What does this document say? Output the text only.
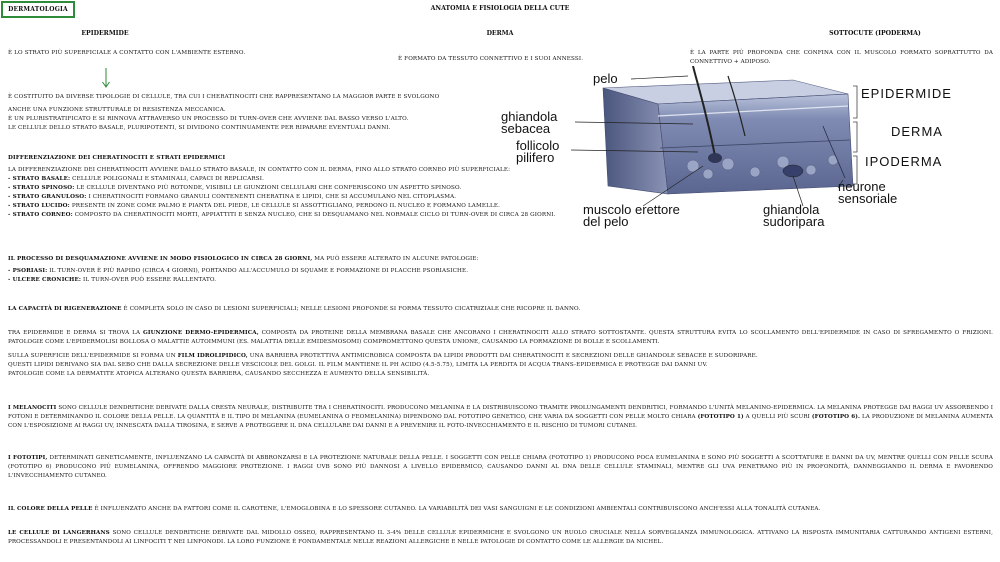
DERMATOLOGIA	ANATOMIA E FISIOLOGIA DELLA CUTE
EPIDERMIDE	DERMA	SOTTOCUTE (IPODERMA)
È LO STRATO PIÙ SUPERFICIALE A CONTATTO CON L'AMBIENTE ESTERNO.
È FORMATO DA TESSUTO CONNETTIVO E I SUOI ANNESSI.
È LA PARTE PIÙ PROFONDA CHE CONFINA CON IL MUSCOLO FORMATO SOPRATTUTTO DA CONNETTIVO + ADIPOSO.

È COSTITUITO DA DIVERSE TIPOLOGIE DI CELLULE, TRA CUI I CHERATINOCITI CHE RAPPRESENTANO LA MAGGIOR PARTE E SVOLGONO

ANCHE UNA FUNZIONE STRUTTURALE DI RESISTENZA MECCANICA.

È UN PLURISTRATIFICATO E SI RINNOVA ATTRAVERSO UN PROCESSO DI TURN-OVER CHE AVVIENE DAL BASSO VERSO L'ALTO.

LE CELLULE DELLO STRATO BASALE, PLURIPOTENTI, SI DIVIDONO CONTINUAMENTE PER RIPARARE EVENTUALI DANNI.

DIFFERENZIAZIONE DEI CHERATINOCITI E STRATI EPIDERMICI

LA DIFFERENZIAZIONE DEI CHERATINOCITI AVVIENE DALLO STRATO BASALE, IN CONTATTO CON IL DERMA, FINO ALLO STRATO CORNEO PIÙ SUPERFICIALE:

- STRATO BASALE: CELLULE POLIGONALI E STAMINALI, CAPACI DI REPLICARSI.

- STRATO SPINOSO: LE CELLULE DIVENTANO PIÙ ROTONDE, VISIBILI LE GIUNZIONI CELLULARI CHE CONFERISCONO UN ASPETTO SPINOSO.

- STRATO GRANULOSO: I CHERATINOCITI FORMANO GRANULI CONTENENTI CHERATINA E LIPIDI, CHE SI ACCUMULANO NEL CITOPLASMA.

- STRATO LUCIDO: PRESENTE IN ZONE COME PALMO E PIANTA DEL PIEDE, LE CELLULE SI ASSOTTIGLIANO, PERDONO IL NUCLEO E FORMANO LAMELLE.

- STRATO CORNEO: COMPOSTO DA CHERATINOCITI MORTI, APPIATTITI E SENZA NUCLEO, CHE SI DESQUAMANO NEL NORMALE CICLO DI TURN-OVER DI CIRCA 28 GIORNI.

IL PROCESSO DI DESQUAMAZIONE AVVIENE IN MODO FISIOLOGICO IN CIRCA 28 GIORNI, MA PUÒ ESSERE ALTERATO IN ALCUNE PATOLOGIE:

- PSORIASI: IL TURN-OVER È PIÙ RAPIDO (CIRCA 4 GIORNI), PORTANDO ALL'ACCUMULO DI SQUAME E FORMAZIONE DI PLACCHE PSORIASICHE.

- ULCERE CRONICHE: IL TURN-OVER PUÒ ESSERE RALLENTATO.

LA CAPACITÀ DI RIGENERAZIONE È COMPLETA SOLO IN CASO DI LESIONI SUPERFICIALI; NELLE LESIONI PROFONDE SI FORMA TESSUTO CICATRIZIALE CHE RICOPRE IL DANNO.
TRA EPIDERMIDE E DERMA SI TROVA LA GIUNZIONE DERMO-EPIDERMICA, COMPOSTA DA PROTEINE DELLA MEMBRANA BASALE CHE ANCORANO I CHERATINOCITI ALLO STRATO SOTTOSTANTE. QUESTA STRUTTURA EVITA LO SCOLLAMENTO DELL'EPIDERMIDE IN CASO DI SFREGAMENTO O FRIZIONI. PATOLOGIE COME L'EPIDERMOLISI BOLLOSA O MALATTIE AUTOIMMUNI (ES. MALATTIA DELLE EMIDESMOSOMI) COMPROMETTONO QUESTA UNIONE, CAUSANDO LA FORMAZIONE DI BOLLE E SCOLLAMENTI.

SULLA SUPERFICIE DELL'EPIDERMIDE SI FORMA UN FILM IDROLIPIDICO, UNA BARRIERA PROTETTIVA ANTIMICROBICA COMPOSTA DA LIPIDI PRODOTTI DAI CHERATINOCITI E SECREZIONI DELLE GHIANDOLE SEBACEE E SUDORIPARE.

QUESTI LIPIDI DERIVANO SIA DAL SEBO CHE DALLA SECREZIONE DELLE VESCICOLE DEL GOLGI. IL FILM MANTIENE IL PH ACIDO (4.5-5.75), LIMITA LA PERDITA DI ACQUA TRANS-EPIDERMICA E PROTEGGE DAI DANNI UV.

PATOLOGIE COME LA DERMATITE ATOPICA ALTERANO QUESTA BARRIERA, CAUSANDO SECCHEZZA E AUMENTO DELLA SENSIBILITÀ.

I MELANOCITI SONO CELLULE DENDRITICHE DERIVATE DALLA CRESTA NEURALE, DISTRIBUITE TRA I CHERATINOCITI. PRODUCONO MELANINA E LA DISTRIBUISCONO TRAMITE PROLUNGAMENTI DENDRITICI, FORMANDO L'UNITÀ MELANINO-EPIDERMICA. LA MELANINA PROTEGGE DAI RAGGI UV ASSORBENDO I FOTONI E DETERMINANDO IL COLORE DELLA PELLE. LA QUANTITÀ E IL TIPO DI MELANINA (EUMELANINA O FEOMELANINA) DIPENDONO DAL FOTOTIPO GENETICO, CHE VARIA DA SOGGETTI CON PELLE MOLTO CHIARA (FOTOTIPO 1) A QUELLI PIÙ SCURI (FOTOTIPO 6). LA PRODUZIONE DI MELANINA AUMENTA CON L'ESPOSIZIONE AI RAGGI UV, INNESCATA DALLA TIROSINA, E SERVE A PROTEGGERE IL DNA CELLULARE DAI DANNI E A PREVENIRE IL FOTO-INVECCHIAMENTO E IL RISCHIO DI TUMORI CUTANEI.
I FOTOTIPI, DETERMINATI GENETICAMENTE, INFLUENZANO LA CAPACITÀ DI ABBRONZARSI E LA PROTEZIONE NATURALE DELLA PELLE. I SOGGETTI CON PELLE CHIARA (FOTOTIPO 1) PRODUCONO POCA EUMELANINA E SONO PIÙ SOGGETTI A SCOTTATURE E DANNI DA UV, MENTRE QUELLI CON PELLE SCURA (FOTOTIPO 6) PRODUCONO PIÙ EUMELANINA, OFFRENDO MAGGIORE PROTEZIONE. I RAGGI UVB SONO PIÙ DANNOSI A LIVELLO EPIDERMICO, CAUSANDO DANNI AL DNA DELLE CELLULE STAMINALI, MENTRE GLI UVA PENETRANO PIÙ IN PROFONDITÀ, DANNEGGIANDO IL DERMA E FAVORENDO L'INVECCHIAMENTO CUTANEO.
IL COLORE DELLA PELLE È INFLUENZATO ANCHE DA FATTORI COME IL CAROTENE, L'EMOGLOBINA E LO SPESSORE CUTANEO. LA VARIABILITÀ DEI VASI SANGUIGNI E LE CONDIZIONI AMBIENTALI CONTRIBUISCONO ANCH'ESSI ALLA TONALITÀ CUTANEA.
LE CELLULE DI LANGERHANS SONO CELLULE DENDRITICHE DERIVATE DAL MIDOLLO OSSEO, RAPPRESENTANO IL 3-4% DELLE CELLULE EPIDERMICHE E SVOLGONO UN RUOLO CRUCIALE NELLA SORVEGLIANZA IMMUNOLOGICA. ATTIVANO LA RISPOSTA IMMUNITARIA CATTURANDO ANTIGENI ESTERNI, PROCESSANDOLI E PRESENTANDOLI AI LINFOCITI T NEI LINFONODI. LA LORO FUNZIONE È FONDAMENTALE NELLE REAZIONI ALLERGICHE E NELLE PATOLOGIE DI CONTATTO COME LE ALLERGIE DA NICHEL.
pelo
ghiandola
sebacea
follicolo
pilifero
muscolo erettore
del pelo
ghiandola
sudoripara
EPIDERMIDE
DERMA
IPODERMA
neurone
sensoriale
